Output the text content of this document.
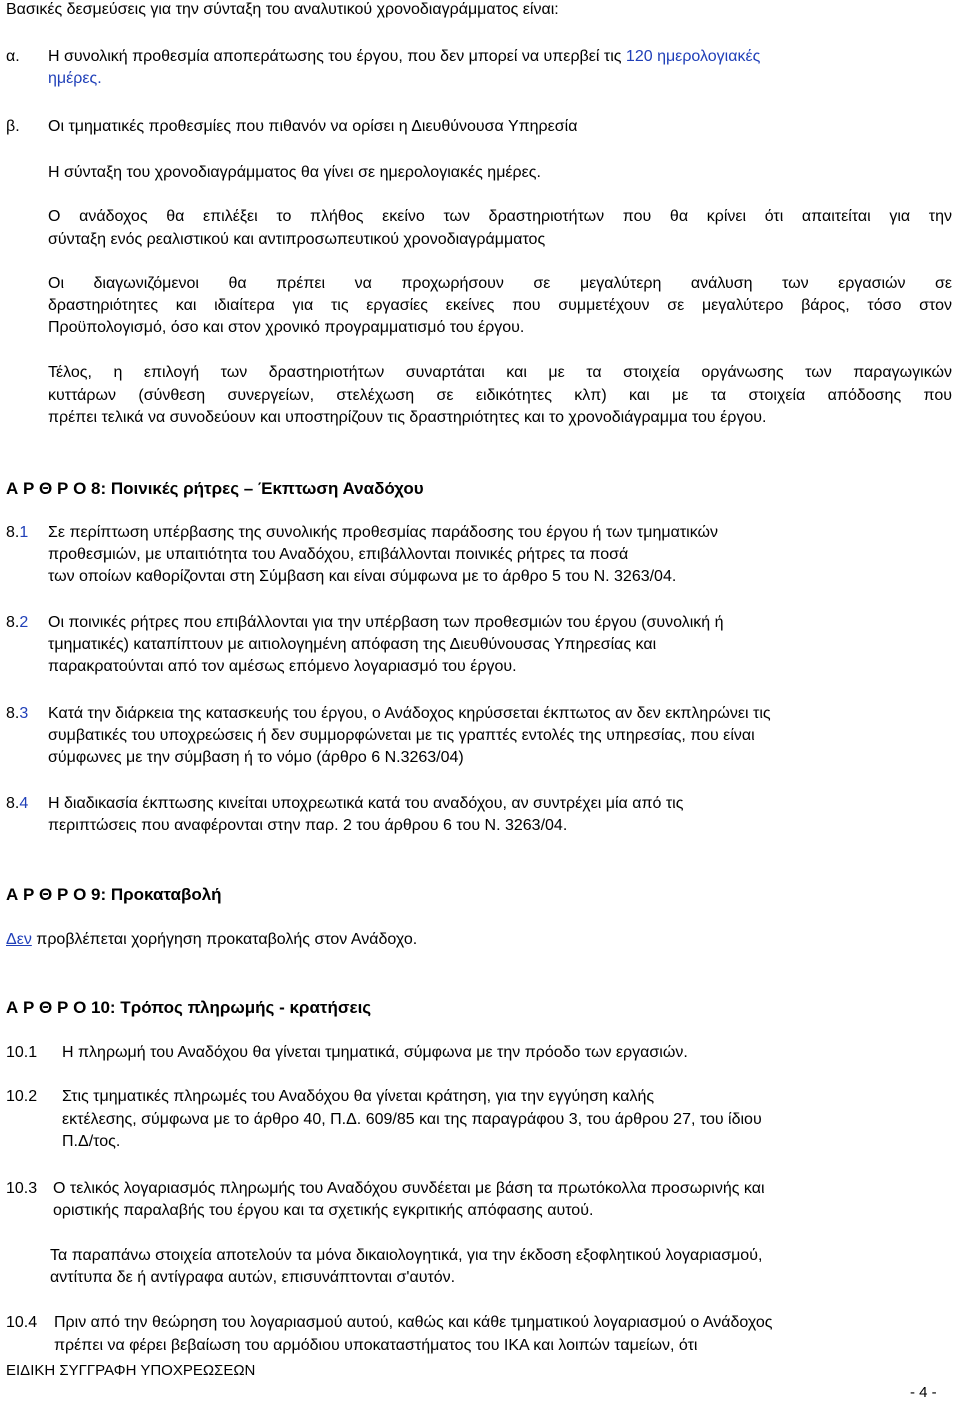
Βασικές δεσμεύσεις για την σύνταξη του αναλυτικού χρονοδιαγράμματος είναι:
α. Η συνολική προθεσμία αποπεράτωσης του έργου, που δεν μπορεί να υπερβεί τις 120 ημερολογιακές
ημέρες.
β. Οι τμηματικές προθεσμίες που πιθανόν να ορίσει η Διευθύνουσα Υπηρεσία
Η σύνταξη του χρονοδιαγράμματος θα γίνει σε ημερολογιακές ημέρες.
Ο ανάδοχος θα επιλέξει το πλήθος εκείνο των δραστηριοτήτων που θα κρίνει ότι απαιτείται για την
σύνταξη ενός ρεαλιστικού και αντιπροσωπευτικού χρονοδιαγράμματος
Οι διαγωνιζόμενοι θα πρέπει να προχωρήσουν σε μεγαλύτερη ανάλυση των εργασιών σε
δραστηριότητες και ιδιαίτερα για τις εργασίες εκείνες που συμμετέχουν σε μεγαλύτερο βάρος, τόσο στον
Προϋπολογισμό, όσο και στον χρονικό προγραμματισμό του έργου.
Τέλος, η επιλογή των δραστηριοτήτων συναρτάται και με τα στοιχεία οργάνωσης των παραγωγικών
κυττάρων (σύνθεση συνεργείων, στελέχωση σε ειδικότητες κλπ) και με τα στοιχεία απόδοσης που
πρέπει τελικά να συνοδεύουν και υποστηρίζουν τις δραστηριότητες και το χρονοδιάγραμμα του έργου.
Α Ρ Θ Ρ Ο 8: Ποινικές ρήτρες – Έκπτωση Αναδόχου
8.1 Σε περίπτωση υπέρβασης της συνολικής προθεσμίας παράδοσης του έργου ή των τμηματικών
προθεσμιών, με υπαιτιότητα του Αναδόχου, επιβάλλονται ποινικές ρήτρες τα ποσά
των οποίων καθορίζονται στη Σύμβαση και είναι σύμφωνα με το άρθρο 5 του Ν. 3263/04.
8.2 Οι ποινικές ρήτρες που επιβάλλονται για την υπέρβαση των προθεσμιών του έργου (συνολική ή
τμηματικές) καταπίπτουν με αιτιολογημένη απόφαση της Διευθύνουσας Υπηρεσίας και
παρακρατούνται από τον αμέσως επόμενο λογαριασμό του έργου.
8.3 Κατά την διάρκεια της κατασκευής του έργου, ο Ανάδοχος κηρύσσεται έκπτωτος αν δεν εκπληρώνει τις
συμβατικές του υποχρεώσεις ή δεν συμμορφώνεται με τις γραπτές εντολές της υπηρεσίας, που είναι
σύμφωνες με την σύμβαση ή το νόμο (άρθρο 6 Ν.3263/04)
8.4 Η διαδικασία έκπτωσης κινείται υποχρεωτικά κατά του αναδόχου, αν συντρέχει μία από τις
περιπτώσεις που αναφέρονται στην παρ. 2 του άρθρου 6 του Ν. 3263/04.
Α Ρ Θ Ρ Ο 9: Προκαταβολή
Δεν προβλέπεται χορήγηση προκαταβολής στον Ανάδοχο.
Α Ρ Θ Ρ Ο 10: Τρόπος πληρωμής - κρατήσεις
10.1 Η πληρωμή του Αναδόχου θα γίνεται τμηματικά, σύμφωνα με την πρόοδο των εργασιών.
10.2 Στις τμηματικές πληρωμές του Αναδόχου θα γίνεται κράτηση, για την εγγύηση καλής
εκτέλεσης, σύμφωνα με το άρθρο 40, Π.Δ. 609/85 και της παραγράφου 3, του άρθρου 27, του ίδιου
Π.Δ/τος.
10.3 Ο τελικός λογαριασμός πληρωμής του Αναδόχου συνδέεται με βάση τα πρωτόκολλα προσωρινής και
οριστικής παραλαβής του έργου και τα σχετικής εγκριτικής απόφασης αυτού.
Τα παραπάνω στοιχεία αποτελούν τα μόνα δικαιολογητικά, για την έκδοση εξοφλητικού λογαριασμού,
αντίτυπα δε ή αντίγραφα αυτών, επισυνάπτονται σ'αυτόν.
10.4 Πριν από την θεώρηση του λογαριασμού αυτού, καθώς και κάθε τμηματικού λογαριασμού ο Ανάδοχος
πρέπει να φέρει βεβαίωση του αρμόδιου υποκαταστήματος του ΙΚΑ και λοιπών ταμείων, ότι
ΕΙΔΙΚΗ ΣΥΓΓΡΑΦΗ ΥΠΟΧΡΕΩΣΕΩΝ
- 4 -
